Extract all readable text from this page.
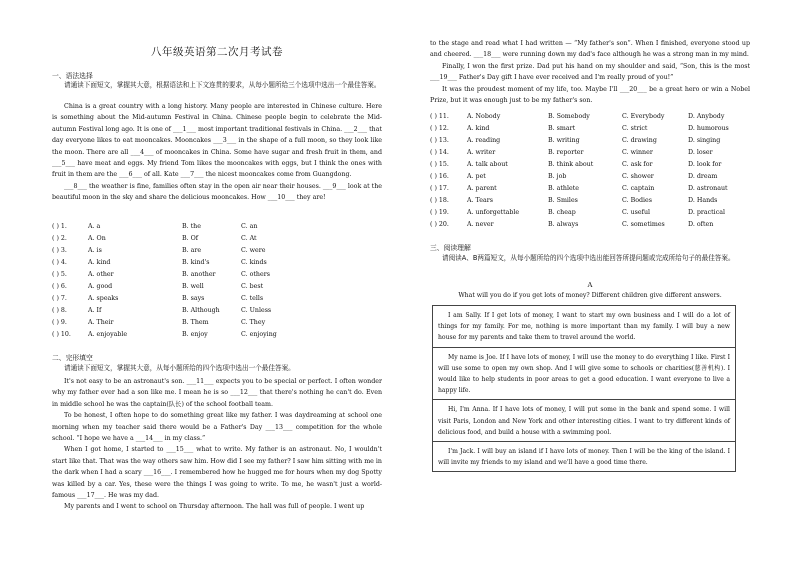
八年级英语第二次月考试卷
一、语法选择
请通读下面短文，掌握其大意，根据语法和上下文连贯的要求，从每小题所给三个选项中选出一个最佳答案。

China is a great country with a long history. Many people are interested in Chinese culture. Here is something about the Mid-autumn Festival in China. Chinese people begin to celebrate the Mid-autumn Festival long ago. It is one of ___1___ most important traditional festivals in China. ___2___ that day everyone likes to eat mooncakes. Mooncakes ___3___ in the shape of a full moon, so they look like the moon. There are all ___4___ of mooncakes in China. Some have sugar and fresh fruit in them, and ___5___ have meat and eggs. My friend Tom likes the mooncakes with eggs, but I think the ones with fruit in them are the ___6___ of all. Kate ___7___ the nicest mooncakes come from Guangdong.

___8___ the weather is fine, families often stay in the open air near their houses. ___9___ look at the beautiful moon in the sky and share the delicious mooncakes. How ___10___ they are!

( ) 1.	A. a	B. the	C. an
( ) 2.	A. On	B. Of	C. At
( ) 3.	A. is	B. are	C. were
( ) 4.	A. kind	B. kind's	C. kinds
( ) 5.	A. other	B. another	C. others
( ) 6.	A. good	B. well	C. best
( ) 7.	A. speaks	B. says	C. tells
( ) 8.	A. If	B. Although	C. Unless
( ) 9.	A. Their	B. Them	C. They
( ) 10.	A. enjoyable	B. enjoy	C. enjoying
二、完形填空
请通读下面短文，掌握其大意，从每小题所给的四个选项中选出一个最佳答案。

It's not easy to be an astronaut's son. ___11___ expects you to be special or perfect. I often wonder why my father ever had a son like me. I mean he is so ___12___ that there's nothing he can't do. Even in middle school he was the captain(队长) of the school football team.

To be honest, I often hope to do something great like my father. I was daydreaming at school one morning when my teacher said there would be a Father's Day ___13___ competition for the whole school. “I hope we have a ___14___ in my class.”

When I got home, I started to ___15___ what to write. My father is an astronaut. No, I wouldn't start like that. That was the way others saw him. How did I see my father? I saw him sitting with me in the dark when I had a scary ___16___. I remembered how he hugged me for hours when my dog Spotty was killed by a car. Yes, these were the things I was going to write. To me, he wasn't just a world-famous ___17___. He was my dad.

My parents and I went to school on Thursday afternoon. The hall was full of people. I went up

to the stage and read what I had written — “My father's son”. When I finished, everyone stood up and cheered. ___18___ were running down my dad's face although he was a strong man in my mind.

Finally, I won the first prize. Dad put his hand on my shoulder and said, “Son, this is the most ___19___ Father's Day gift I have ever received and I'm really proud of you!”

It was the proudest moment of my life, too. Maybe I'll ___20___ be a great hero or win a Nobel Prize, but it was enough just to be my father's son.

( ) 11.	A. Nobody	B. Somebody	C. Everybody	D. Anybody
( ) 12.	A. kind	B. smart	C. strict	D. humorous
( ) 13.	A. reading	B. writing	C. drawing	D. singing
( ) 14.	A. writer	B. reporter	C. winner	D. loser
( ) 15.	A. talk about	B. think about	C. ask for	D. look for
( ) 16.	A. pet	B. job	C. shower	D. dream
( ) 17.	A. parent	B. athlete	C. captain	D. astronaut
( ) 18.	A. Tears	B. Smiles	C. Bodies	D. Hands
( ) 19.	A. unforgettable	B. cheap	C. useful	D. practical
( ) 20.	A. never	B. always	C. sometimes	D. often
三、阅读理解
请阅读A、B两篇短文，从每小题所给的四个选项中选出能回答所提问题或完成所给句子的最佳答案。
A
What will you do if you get lots of money? Different children give different answers.
I am Sally. If I get lots of money, I want to start my own business and I will do a lot of things for my family. For me, nothing is more important than my family. I will buy a new house for my parents and take them to travel around the world.
My name is Joe. If I have lots of money, I will use the money to do everything I like. First I will use some to open my own shop. And I will give some to schools or charities(慈善机构). I would like to help students in poor areas to get a good education. I want everyone to live a happy life.
Hi, I'm Anna. If I have lots of money, I will put some in the bank and spend some. I will visit Paris, London and New York and other interesting cities. I want to try different kinds of delicious food, and build a house with a swimming pool.
I'm Jack. I will buy an island if I have lots of money. Then I will be the king of the island. I will invite my friends to my island and we'll have a good time there.
